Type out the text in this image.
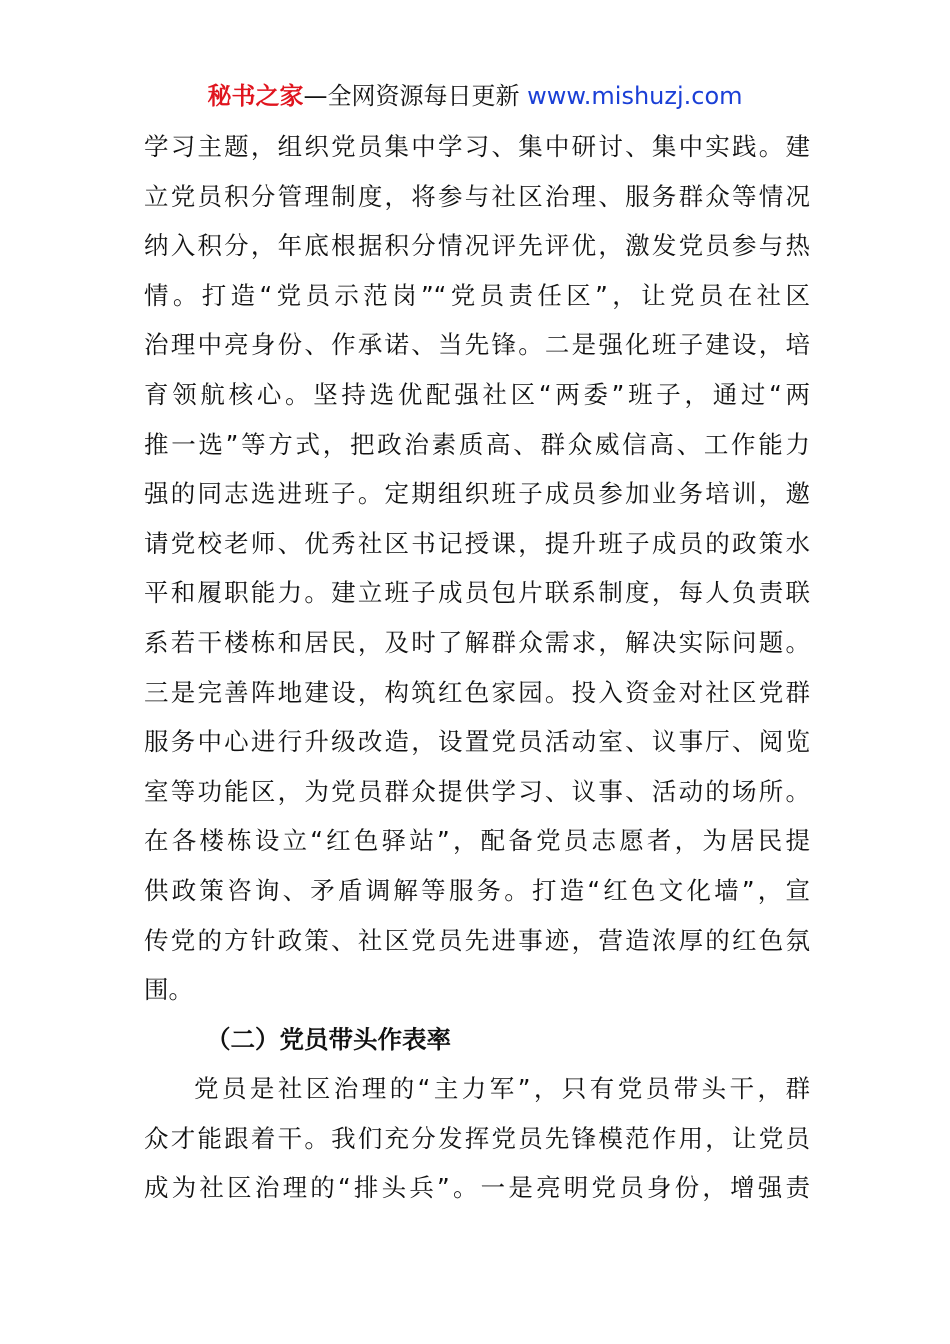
秘书之家—全网资源每日更新 www.mishuzj.com
学习主题，组织党员集中学习、集中研讨、集中实践。建
立党员积分管理制度，将参与社区治理、服务群众等情况
纳入积分，年底根据积分情况评先评优，激发党员参与热
情。打造“党员示范岗”“党员责任区”，让党员在社区
治理中亮身份、作承诺、当先锋。二是强化班子建设，培
育领航核心。坚持选优配强社区“两委”班子，通过“两
推一选”等方式，把政治素质高、群众威信高、工作能力
强的同志选进班子。定期组织班子成员参加业务培训，邀
请党校老师、优秀社区书记授课，提升班子成员的政策水
平和履职能力。建立班子成员包片联系制度，每人负责联
系若干楼栋和居民，及时了解群众需求，解决实际问题。
三是完善阵地建设，构筑红色家园。投入资金对社区党群
服务中心进行升级改造，设置党员活动室、议事厅、阅览
室等功能区，为党员群众提供学习、议事、活动的场所。
在各楼栋设立“红色驿站”，配备党员志愿者，为居民提
供政策咨询、矛盾调解等服务。打造“红色文化墙”，宣
传党的方针政策、社区党员先进事迹，营造浓厚的红色氛
围。
（二）党员带头作表率
党员是社区治理的“主力军”，只有党员带头干，群
众才能跟着干。我们充分发挥党员先锋模范作用，让党员
成为社区治理的“排头兵”。一是亮明党员身份，增强责
